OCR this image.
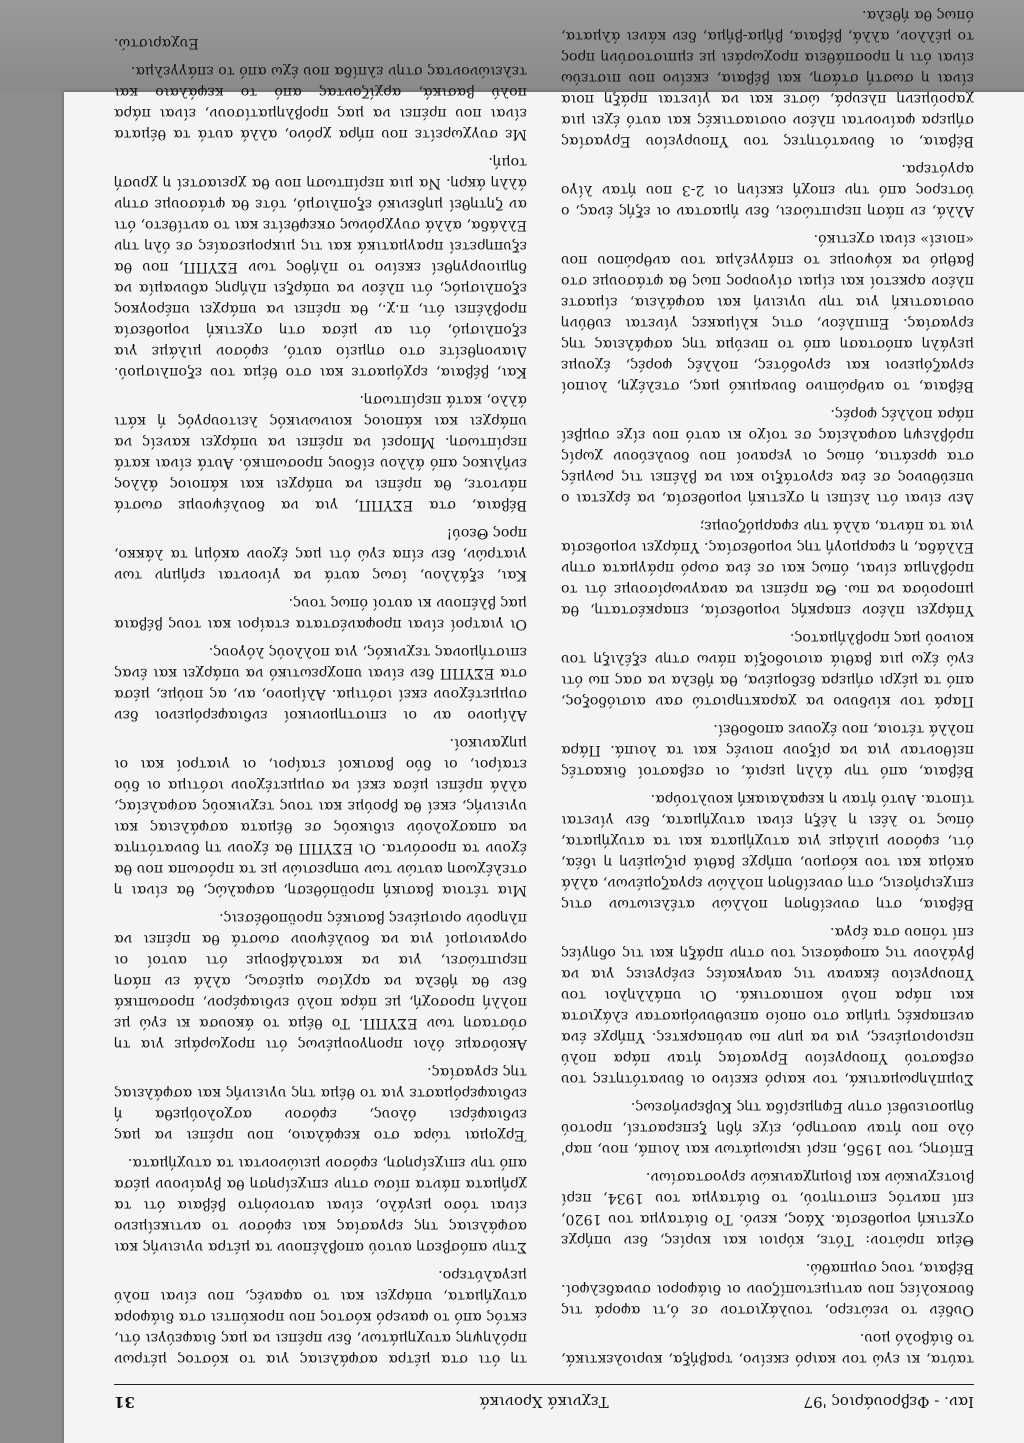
Ιαν. - Φεβρουάριος '97
Τεχνικά Χρονικά
31

ταύτα, κι εγώ τον καιρό εκείνο, τραβήξα, κυριολεκτικά, το διάβολό μου.

Ουδέν το νεώτερο, τουλάχιστον σε ό,τι αφορά τις δυσκολίες που αντιμετωπίζουν οι διάφοροι συναδελφοί. Βέβαια, τους συμπαθώ.

Θέμα πρώτον: Τότε, κύριοι και κυρίες, δεν υπήρχε σχετική νομοθεσία. Χάος, κενό. Το διάταγμα του 1920, επί παντός επιστητού, το διάταγμα του 1934, περί βιοτεχνικών και βιομηχανικών εργοστασίων.

Επίσης, του 1956, περί ικριωμάτων και λοιπά, που, παρ' όλο που ήταν αυστηρό, είχε ήδη ξεπεραστεί, προτού δημοσιευθεί στην Εφημερίδα της Κυβερνήσεως.

Συμπληρωματικά, τον καιρό εκείνο οι δυνατότητες του σεβαστού Υπουργείου Εργασίας ήταν πάρα πολύ περιορισμένες, για να μην πω ανύπαρκτες. Υπήρχε ένα ανεπαρκές τμήμα στο οποίο απευθυνόμασταν ελάχιστα και πάρα πολύ κοπιαστικά. Οι υπάλληλοι του Υπουργείου έκαναν τις αναγκαίες ενέργειες για να βγάλουν τις αποφάσεις του στην πράξη και τις οδηγίες επί τόπου στα έργα.

Βέβαια, στη συνείδηση πολλών ατέλειωτων στις επιχειρήσεις, στη συνείδηση πολλών εργαζομένων, αλλά ακόμα και του κόσμου, υπήρχε βαθιά ριζωμένη η ιδέα, ότι, εφόσον μιλάμε για ατυχήματα και τα ατυχήματα, όπως το λέει η λέξη είναι ατυχήματα, δεν γίνεται τίποτα. Αυτό ήταν η κεφαλαιακή κουλτούρα.

Βέβαια, από την άλλη μεριά, οι σεβαστοί δικαστές πείθονταν για να ρίξουν ποινές και τα λοιπά. Πάρα πολλά τέτοια, που έχουνε αποδοθεί.

Παρά τον κίνδυνο να χαρακτηριστώ σαν αισιόδοξος, από τα μέχρι σήμερα δεδομένα, θα ήθελα να σας πω ότι εγώ έχω μια βαθιά αισιοδοξία πάνω στην εξέλιξη του κοινού μας προβλήματος.

Υπάρχει πλέον επαρκής νομοθεσία, επαρκέστατη, θα μπορούσα να πω. Θα πρέπει να αναγνωρίσουμε ότι το πρόβλημα είναι, όπως και σε ένα σωρό πράγματα στην Ελλάδα, η εφαρμογή της νομοθεσίας. Υπάρχει νομοθεσία για τα πάντα, αλλά την εφαρμόζουμε;

Δεν είναι ότι λείπει η σχετική νομοθεσία, να έρχεται ο υπεύθυνος σε ένα εργοτάξιο και να βλέπει τις ρωγμές στα φρεάτια, όπως οι γερανοί που δουλεύουν χωρίς πρόβλεψη ασφαλείας σε τοίχο κι αυτό που είχε συμβεί πάρα πολλές φορές.

Βέβαια, το ανθρώπινο δυναμικό μας, στελέχη, λοιποί εργαζόμενοι και εργοδότες, πολλές φορές, έχουμε μεγάλη απόσταση από το πνεύμα της ασφάλειας της εργασίας. Επιπλέον, στις κλίμακες γίνεται ευθύνη ουσιαστική για την υγιεινή και ασφάλεια, είμαστε πλέον αρκετοί και είμαι σίγουρος πως θα φτάσουμε στο βαθμό να κόψουμε το επάγγελμα του ανθρώπου που «ποιεί» είναι σχετικό.

Αλλά, εν πάση περιπτώσει, δεν ήμασταν οι εξής ένας, ο ύστερος από την εποχή εκείνη οι 2-3 που ήταν λίγο αργότερα.

Βέβαια, οι δυνατότητες του Υπουργείου Εργασίας σήμερα φαίνονται πλέον ουσιαστικές και αυτό έχει μια χαρούμενη πλευρά, ώστε και να γίνεται πράξη ποια είναι η σωστή στάση, και βέβαια, εκείνο που πιστεύω είναι ότι η προσπάθεια προχωράει με εμπιστοσύνη προς το μέλλον, αλλά, βέβαια, βήμα-βήμα, δεν κάνει άλματα, όπως θα ήθελα.

τη ότι στα μέτρα ασφάλειας για το κόστος μέτρων πρόληψης ατυχημάτων, δεν πρέπει να μας διαφεύγει ότι, εκτός από το φανερό κόστος που προκύπτει στα διάφορα ατυχήματα, υπάρχει και το αφανές, που είναι πολύ μεγαλύτερο.

Στην απόσβεση αυτού αποβλέπουν τα μέτρα υγιεινής και ασφάλειας της εργασίας και εφόσον το αντικείμενο είναι τόσο μεγάλο, είναι αυτονόητο βέβαια ότι τα χρήματα πάντα πίσω στην επιχείρηση θα βγαίνουν μέσα από την επιχείρηση, εφόσον μειώνονται τα ατυχήματα.

Έρχομαι τώρα στο κεφάλαιο, που πρέπει να μας ενδιαφέρει όλους, εφόσον ασχολούμεθα ή ενδιαφερόμαστε για το θέμα της υγιεινής και ασφάλειας της εργασίας.

Ακούσαμε όλοι προηγουμένως ότι προχωράμε για τη σύσταση των ΕΣΥΠΠ. Το θέμα το άκουσα κι εγώ με πολλή προσοχή, με πάρα πολύ ενδιαφέρον, προσωπικά δεν θα ήθελα να αρχίσω αμέσως, αλλά εν πάση περιπτώσει, για να καταλάβουμε ότι αυτοί οι οργανισμοί για να δουλέψουν σωστά θα πρέπει να πληρούν ορισμένες βασικές προϋποθέσεις.

Μια τέτοια βασική προϋπόθεση, ασφαλώς, θα είναι η στελέχωση αυτών των υπηρεσιών με τα πρόσωπα που θα έχουν τα προσόντα. Οι ΕΣΥΠΠ θα έχουν τη δυνατότητα να απασχολούν ειδικούς σε θέματα ασφάλειας και υγιεινής, εκεί θα βρούμε και τους τεχνικούς ασφαλείας, αλλά πρέπει μέσα εκεί να συμμετέχουν ισότιμα οι δύο εταίροι, οι δύο βασικοί εταίροι, οι γιατροί και οι μηχανικοί.

Αλίμονο αν οι επιστημονικοί ενδιαφερόμενοι δεν συμμετέχουν εκεί ισότιμα. Αλίμονο, αν, ας πούμε, μέσα στα ΕΣΥΠΠ δεν είναι υποχρεωτικό να υπάρχει και ένας επιστήμονας τεχνικός, για πολλούς λόγους.

Οι γιατροί είναι προφανέστατα εταίροι και τους βέβαια μας βλέπουν κι αυτοί όπως τους.

Και, εξάλλου, ίσως αυτά να γίνονται ερήμην των γιατρών, δεν είπα εγώ ότι μας έχουν ακόμη τα λάκκο, προς Θεού!

Βέβαια, στα ΕΣΥΠΠ, για να δουλέψουμε σωστά πάντοτε, θα πρέπει να υπάρχει και κάποιος άλλος ενήλικος από άλλου είδους προσωπικό. Αυτά είναι κατά περίπτωση. Μπορεί να πρέπει να υπάρχει κανείς να υπάρχει και κάποιος κοινωνικός λειτουργός ή κάτι άλλο, κατά περίπτωση.

Και, βέβαια, ερχόμαστε και στο θέμα του εξοπλισμού. Διανοηθείτε στο σημείο αυτό, εφόσον μιλάμε για εξοπλισμό, ότι αν μέσα στη σχετική νομοθεσία προβλέπει ότι, π.χ., θα πρέπει να υπάρχει υπέρογκος εξοπλισμός, ότι πλέον να υπάρξει πλήρης αδυναμία να δημιουργηθεί εκείνο το πλήθος των ΕΣΥΠΠ, που θα εξυπηρετεί πραγματικά και τις μικρομεσαίες σε όλη την Ελλάδα, αλλά συγχρόνως σκεφθείτε και το αντίθετο, ότι αν ζητηθεί μηδενικό εξοπλισμό, τότε θα φτάσουμε στην άλλη άκρη. Να μια περίπτωση που θα χρειαστεί η χρυσή τομή.

Με συγχωρείτε που πήρα χρόνο, αλλά αυτά τα θέματα είναι που πρέπει να μας προβληματίσουν, είναι πάρα πολύ βασικά, αρχίζοντας από το κεφάλαιο και τελειώνοντας στην ελπίδα που έχω από το επάγγελμα.

Ευχαριστώ.
